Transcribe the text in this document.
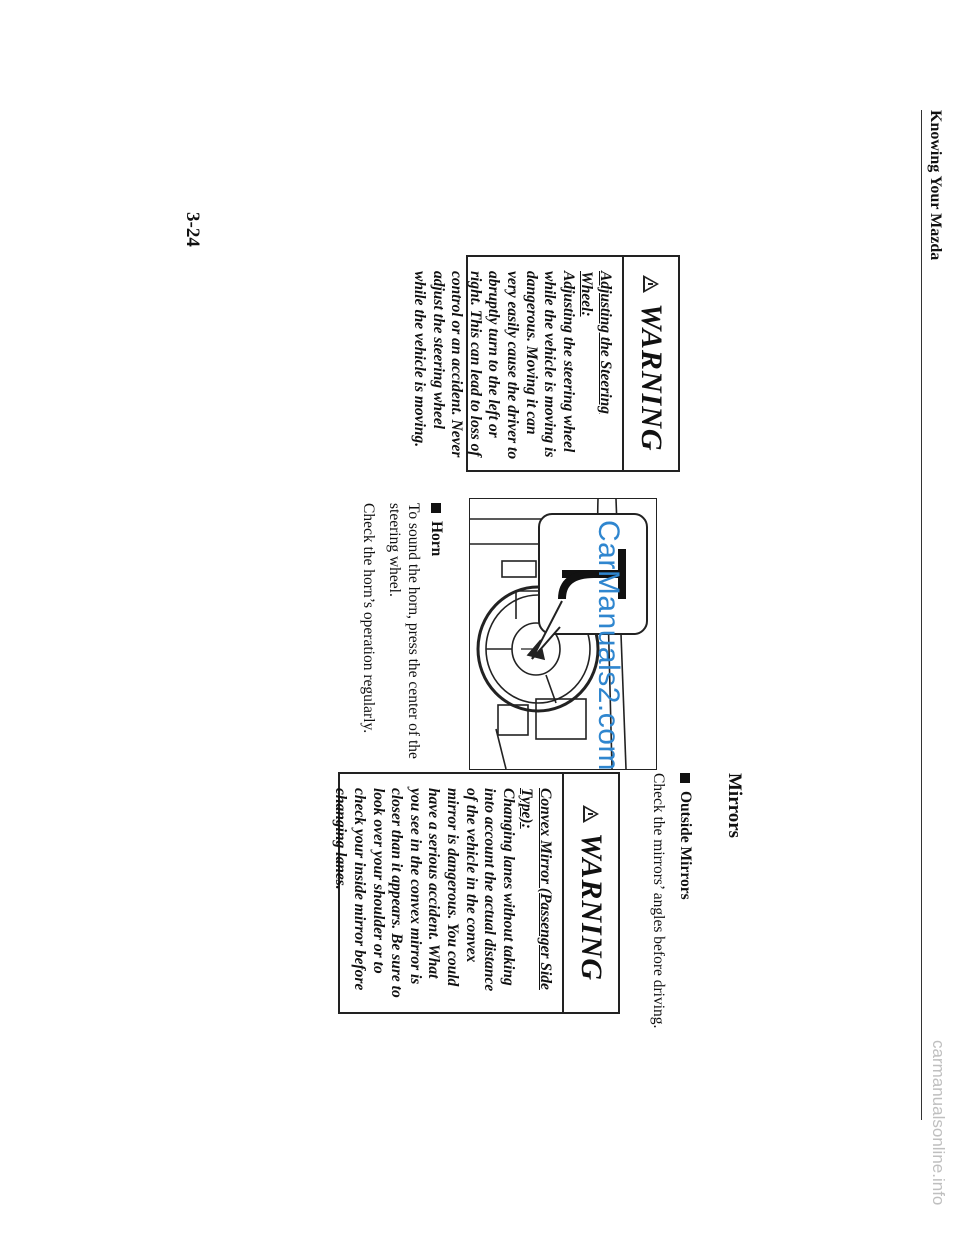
Knowing Your Mazda
WARNING
Adjusting the Steering Wheel:
Adjusting the steering wheel while the vehicle is moving is dangerous. Moving it can very easily cause the driver to abruptly turn to the left or right. This can lead to loss of control or an accident. Never adjust the steering wheel while the vehicle is moving.
Horn
To sound the horn, press the center of the
steering wheel.
Check the horn’s operation regularly.	CarManuals2.com
Mirrors
Outside Mirrors
Check the mirrors’ angles before driving.
WARNING
Convex Mirror (Passenger Side Type):
Changing lanes without taking into account the actual distance of the vehicle in the convex mirror is dangerous. You could have a serious accident. What you see in the convex mirror is closer than it appears. Be sure to look over your shoulder or to check your inside mirror before changing lanes.
3-24
carmanualsonline.info
